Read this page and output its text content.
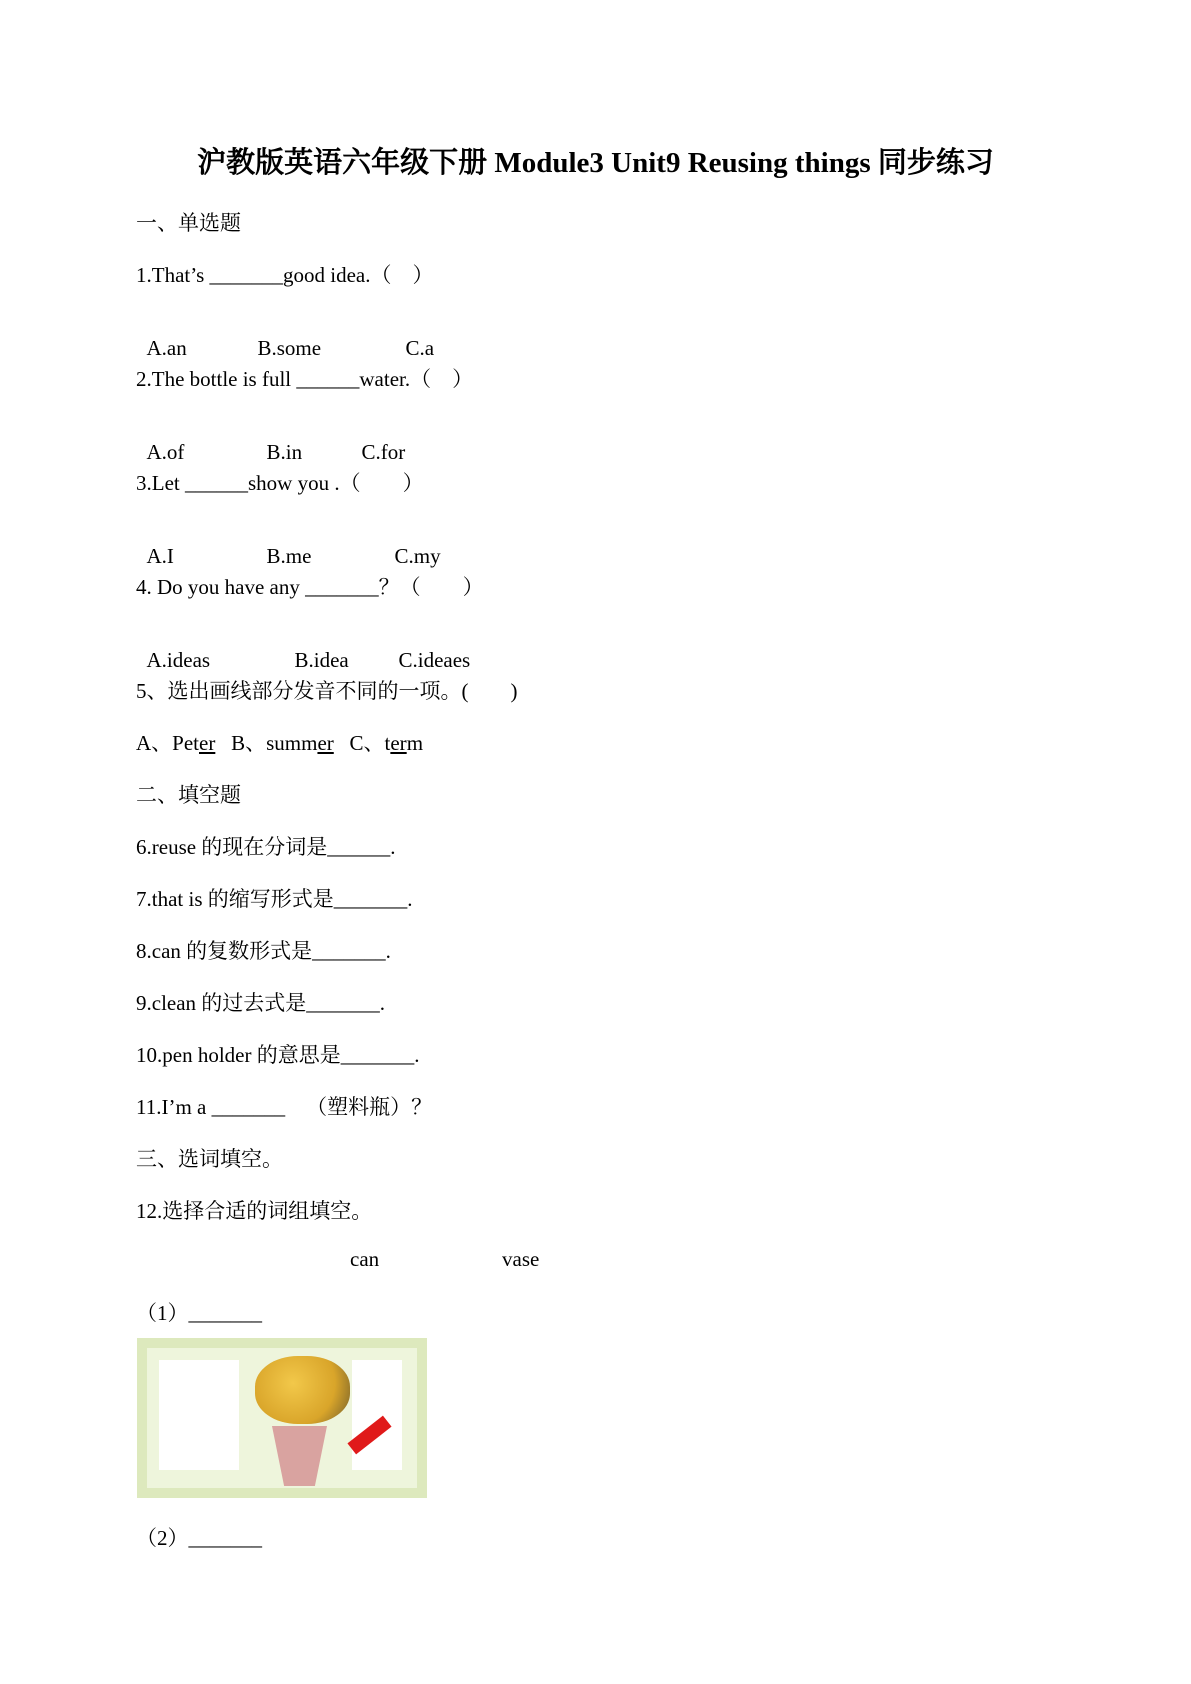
沪教版英语六年级下册 Module3 Unit9 Reusing things 同步练习
一、单选题
1.That’s _______good idea.（    ）

A.an	B.some	C.a

2.The bottle is full ______water.（    ）

A.of	B.in	C.for

3.Let ______show you .（        ）

A.I	B.me	C.my

4. Do you have any _______？（        ）

A.ideas	B.idea C.ideaes

5、选出画线部分发音不同的一项。(        )
A、Peter B、summer C、term
二、填空题
6.reuse 的现在分词是______.
7.that is 的缩写形式是_______.
8.can 的复数形式是_______.
9.clean 的过去式是_______.
10.pen holder 的意思是_______.
11.I’m a _______    （塑料瓶）？
三、选词填空。
12.选择合适的词组填空。
can	vase
（1）_______
（2）_______
